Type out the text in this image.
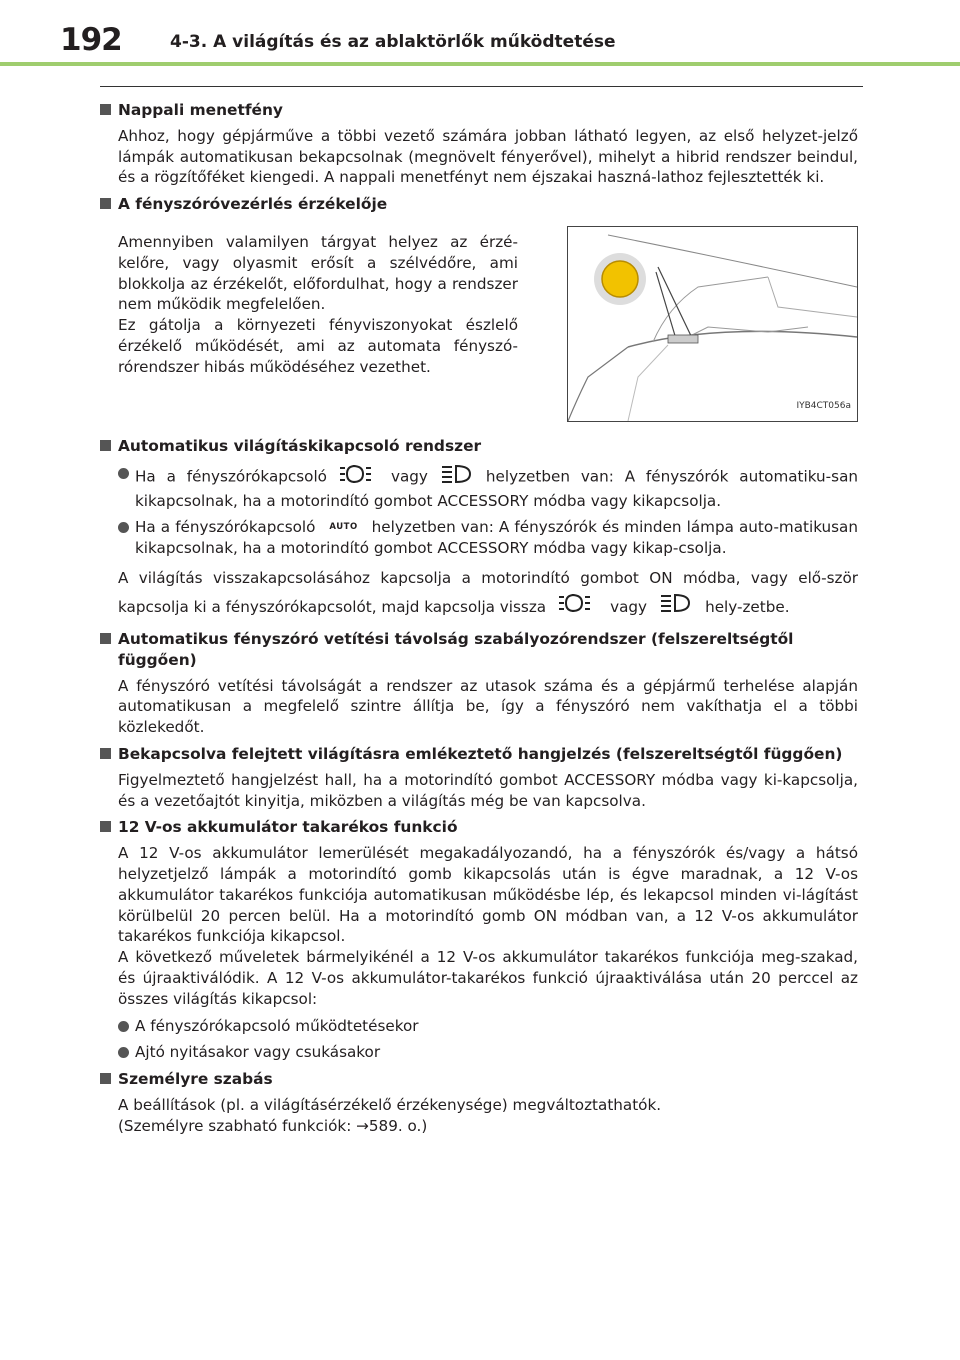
192	4-3. A világítás és az ablaktörlők működtetése
Nappali menetfény
Ahhoz, hogy gépjárművе a többi vezető számára jobban látható legyen, az első helyzet-jelző lámpák automatikusan bekapcsolnak (megnövelt fényerővel), mihelyt a hibrid rendszer beindul, és a rögzítőféket kiengedi. A nappali menetfényt nem éjszakai haszná-lathoz fejlesztették ki.
A fényszóróvezérlés érzékelője
Amennyiben valamilyen tárgyat helyez az érzé-kelőre, vagy olyasmit erősít a szélvédőre, ami blokkolja az érzékelőt, előfordulhat, hogy a rendszer nem működik megfelelően.
Ez gátolja a környezeti fényviszonyokat észlelő érzékelő működését, ami az automata fényszó-rórendszer hibás működéséhez vezethet.
IYB4CT056a
Automatikus világításkikapcsoló rendszer
Ha a fényszórókapcsoló	vagy	helyzetben van: A fényszórók automatiku-san kikapcsolnak, ha a motorindító gombot ACCESSORY módba vagy kikapcsolja.
Ha a fényszórókapcsoló AUTO helyzetben van: A fényszórók és minden lámpa auto-matikusan kikapcsolnak, ha a motorindító gombot ACCESSORY módba vagy kikap-csolja.
A világítás visszakapcsolásához kapcsolja a motorindító gombot ON módba, vagy elő-ször kapcsolja ki a fényszórókapcsolót, majd kapcsolja vissza	vagy	hely-zetbe.
Automatikus fényszóró vetítési távolság szabályozórendszer (felszereltségtől függően)
A fényszóró vetítési távolságát a rendszer az utasok száma és a gépjármű terhelése alapján automatikusan a megfelelő szintre állítja be, így a fényszóró nem vakíthatja el a többi közlekedőt.
Bekapcsolva felejtett világításra emlékeztető hangjelzés (felszereltségtől függően)
Figyelmeztető hangjelzést hall, ha a motorindító gombot ACCESSORY módba vagy ki-kapcsolja, és a vezetőajtót kinyitja, miközben a világítás még be van kapcsolva.
12 V-os akkumulátor takarékos funkció
A 12 V-os akkumulátor lemerülését megakadályozandó, ha a fényszórók és/vagy a hátsó helyzetjelző lámpák a motorindító gomb kikapcsolás után is égve maradnak, a 12 V-os akkumulátor takarékos funkciója automatikusan működésbe lép, és lekapcsol minden vi-lágítást körülbelül 20 percen belül. Ha a motorindító gomb ON módban van, a 12 V-os akkumulátor takarékos funkciója kikapcsol.
A következő műveletek bármelyikénél a 12 V-os akkumulátor takarékos funkciója meg-szakad, és újraaktiválódik. A 12 V-os akkumulátor-takarékos funkció újraaktiválása után 20 perccel az összes világítás kikapcsol:
A fényszórókapcsoló működtetésekor
Ajtó nyitásakor vagy csukásakor
Személyre szabás
A beállítások (pl. a világításérzékelő érzékenysége) megváltoztathatók.
(Személyre szabható funkciók: →589. o.)
